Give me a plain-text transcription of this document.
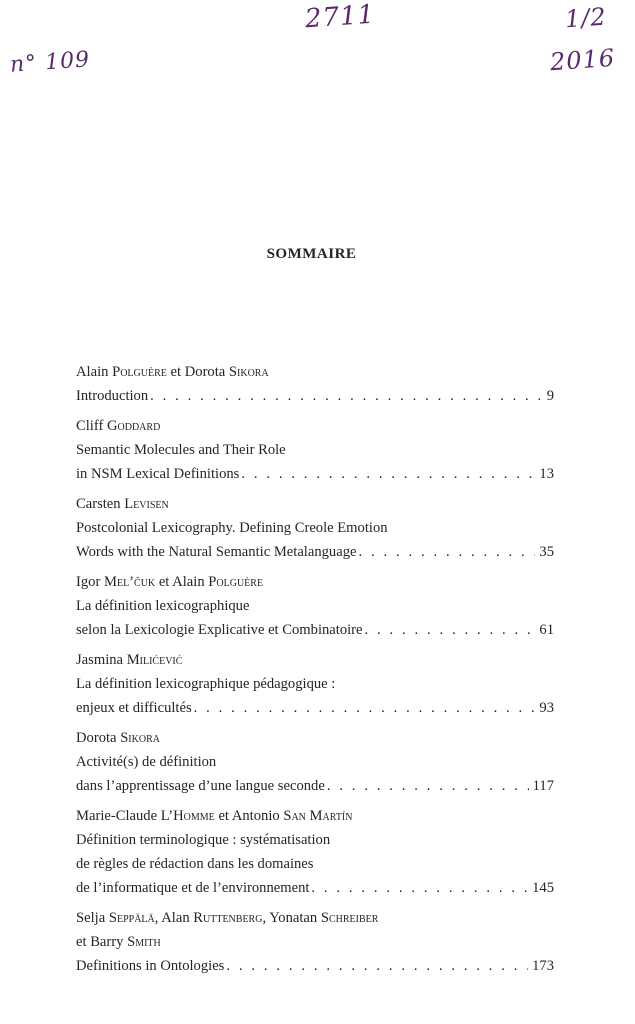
n° 109
2711	1/2
2016
SOMMAIRE
Alain Polguère et Dorota Sikora
Introduction . . .	9
Cliff Goddard
Semantic Molecules and Their Role
in NSM Lexical Definitions . . .	13
Carsten Levisen
Postcolonial Lexicography. Defining Creole Emotion
Words with the Natural Semantic Metalanguage . . .	35
Igor Mel’čuk et Alain Polguère
La définition lexicographique
selon la Lexicologie Explicative et Combinatoire . . .	61
Jasmina Milićević
La définition lexicographique pédagogique :
enjeux et difficultés . . .	93
Dorota Sikora
Activité(s) de définition
dans l’apprentissage d’une langue seconde . . .	117
Marie-Claude L’Homme et Antonio San Martín
Définition terminologique : systématisation
de règles de rédaction dans les domaines
de l’informatique et de l’environnement . . .	145
Selja Seppälä, Alan Ruttenberg, Yonatan Schreiber
et Barry Smith
Definitions in Ontologies . . .	173
